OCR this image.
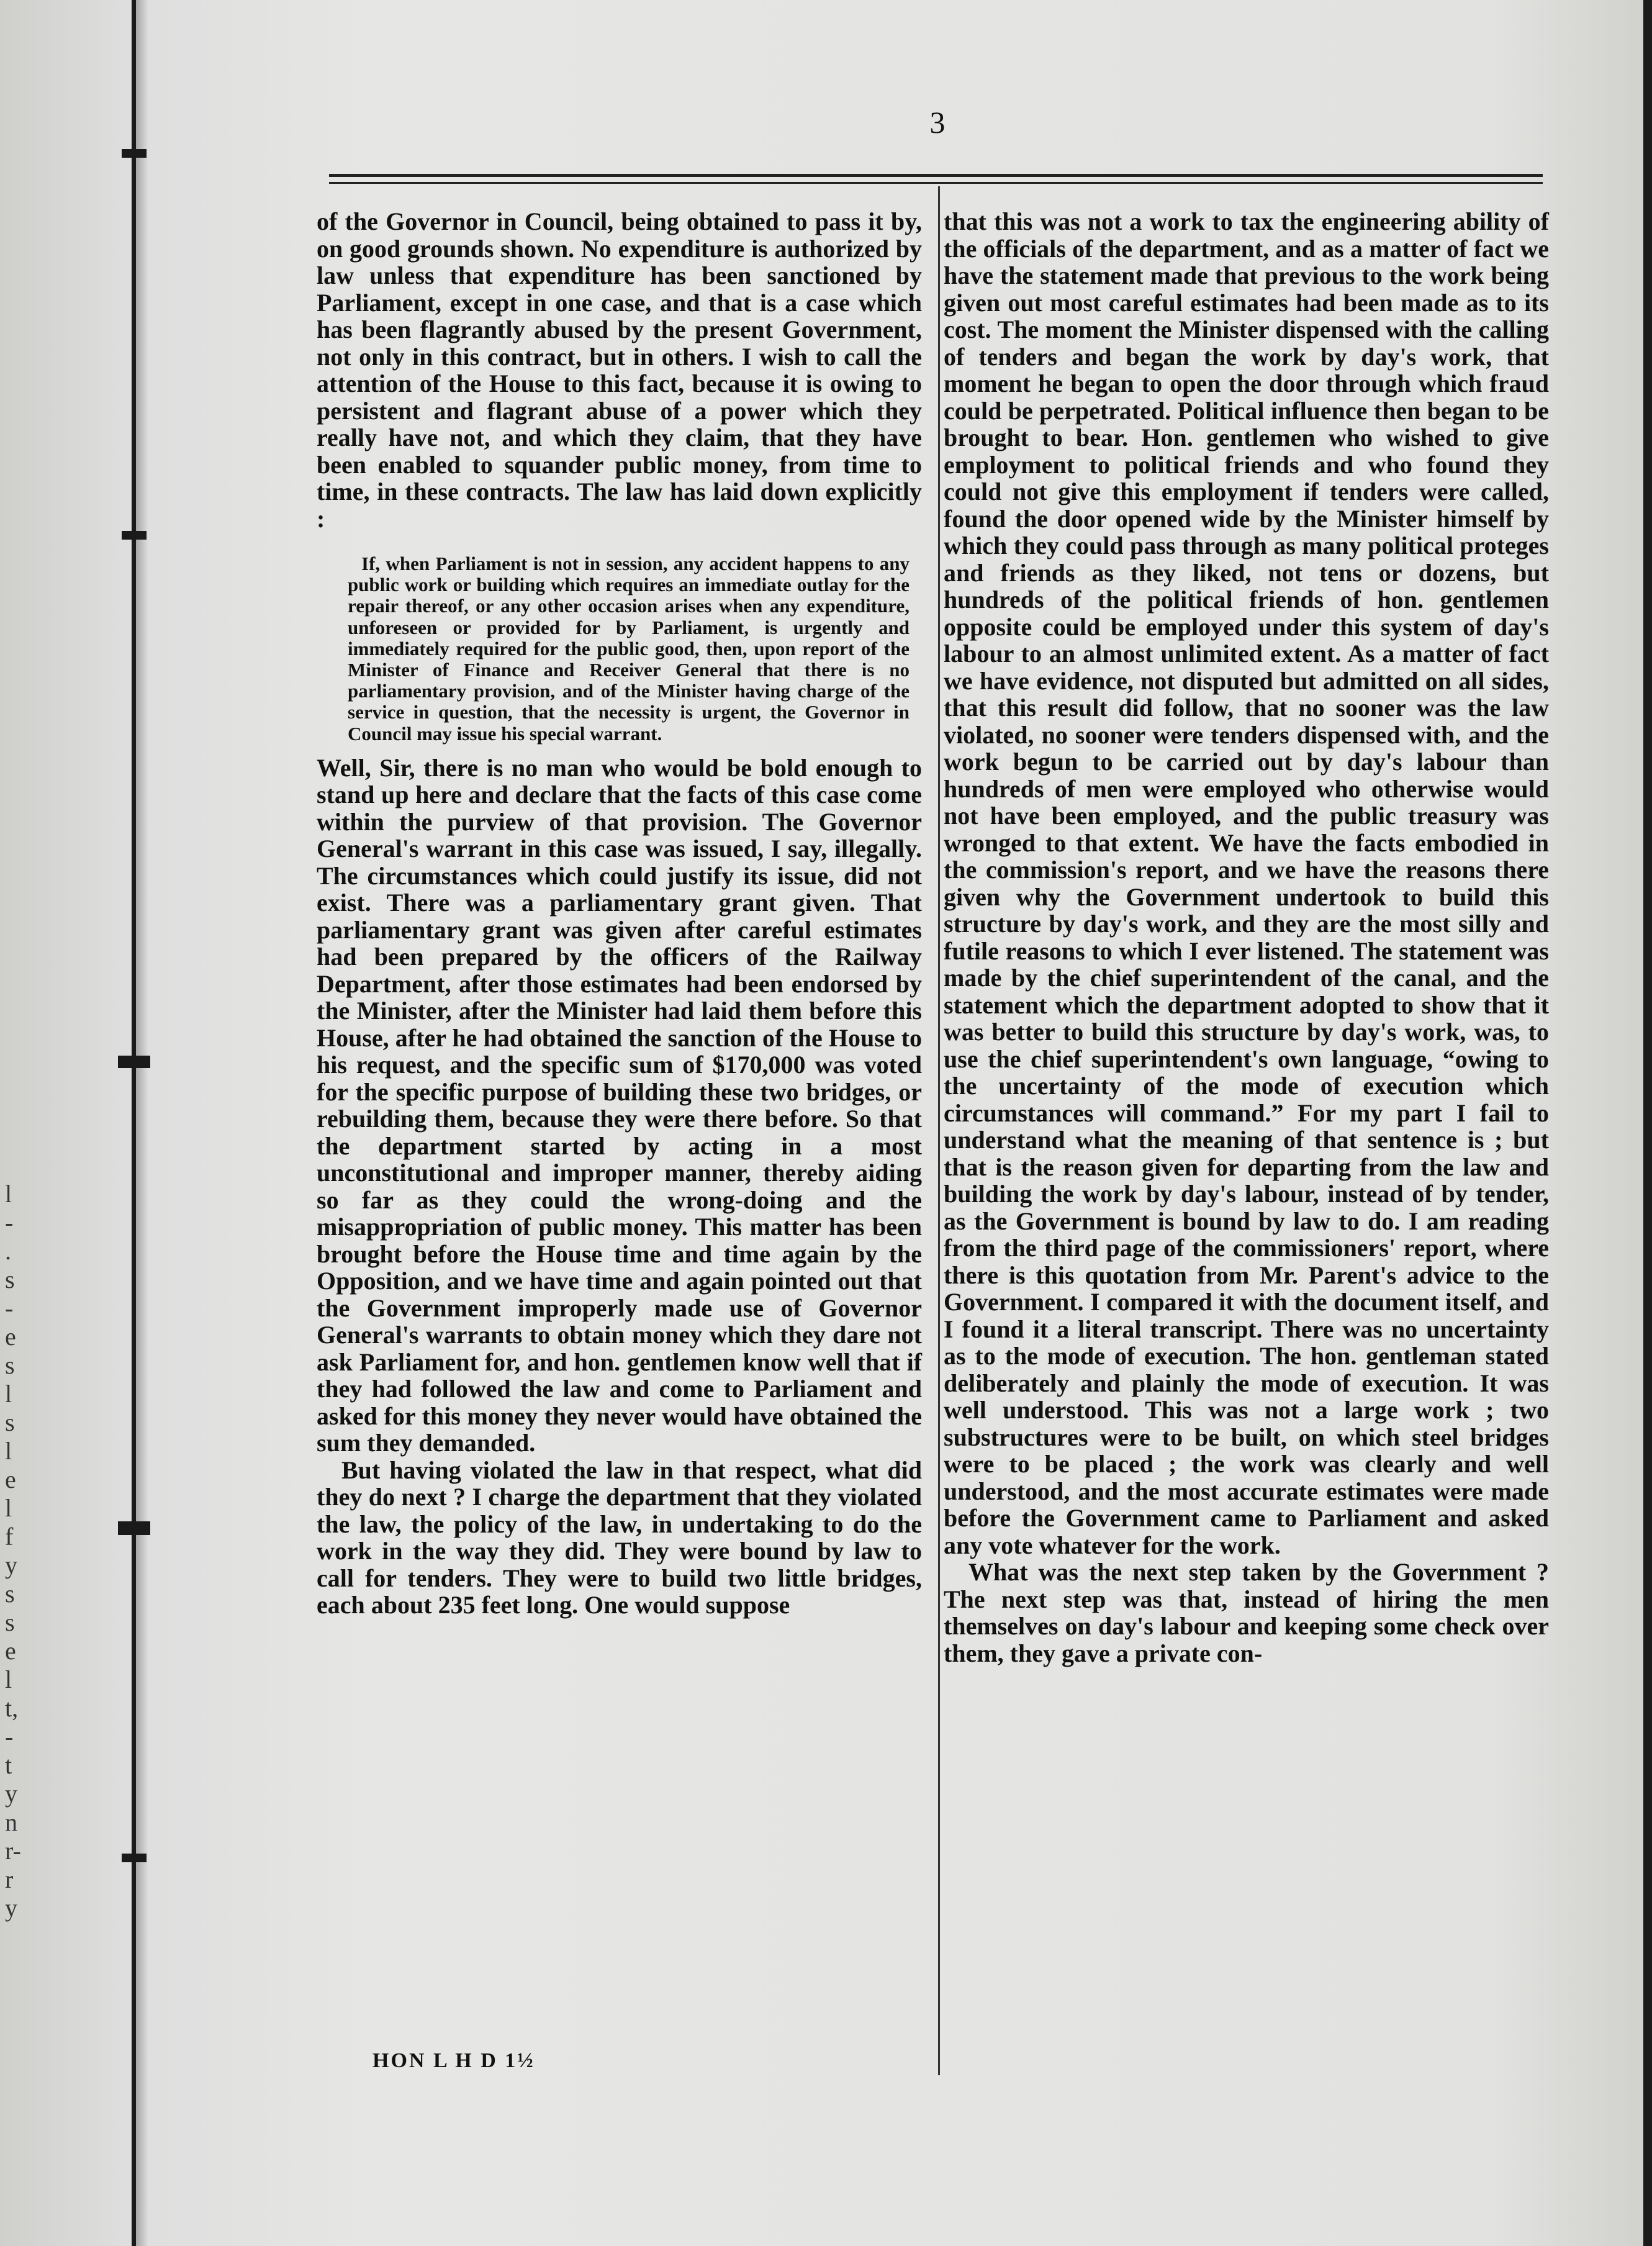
l
-
.
s
-
e
s
l
s
l
e
l
f
y
s
s
e
l
t,
-
t
y
n
r-
r
y
3

of the Governor in Council, being obtained to pass it by, on good grounds shown. No expenditure is authorized by law unless that expenditure has been sanctioned by Parliament, except in one case, and that is a case which has been flagrantly abused by the present Government, not only in this contract, but in others. I wish to call the attention of the House to this fact, because it is owing to persistent and flagrant abuse of a power which they really have not, and which they claim, that they have been enabled to squander public money, from time to time, in these contracts. The law has laid down explicitly :

If, when Parliament is not in session, any accident happens to any public work or building which requires an immediate outlay for the repair thereof, or any other occasion arises when any expenditure, unforeseen or provided for by Parliament, is urgently and immediately required for the public good, then, upon report of the Minister of Finance and Receiver General that there is no parliamentary provision, and of the Minister having charge of the service in question, that the necessity is urgent, the Governor in Council may issue his special warrant.

Well, Sir, there is no man who would be bold enough to stand up here and declare that the facts of this case come within the purview of that provision. The Governor General's warrant in this case was issued, I say, illegally. The circumstances which could justify its issue, did not exist. There was a parliamentary grant given. That parliamentary grant was given after careful estimates had been prepared by the officers of the Railway Department, after those estimates had been endorsed by the Minister, after the Minister had laid them before this House, after he had obtained the sanction of the House to his request, and the specific sum of $170,000 was voted for the specific purpose of building these two bridges, or rebuilding them, because they were there before. So that the department started by acting in a most unconstitutional and improper manner, thereby aiding so far as they could the wrong-doing and the misappropriation of public money. This matter has been brought before the House time and time again by the Opposition, and we have time and again pointed out that the Government improperly made use of Governor General's warrants to obtain money which they dare not ask Parliament for, and hon. gentlemen know well that if they had followed the law and come to Parliament and asked for this money they never would have obtained the sum they demanded.

But having violated the law in that respect, what did they do next ? I charge the department that they violated the law, the policy of the law, in undertaking to do the work in the way they did. They were bound by law to call for tenders. They were to build two little bridges, each about 235 feet long. One would suppose

that this was not a work to tax the engineering ability of the officials of the department, and as a matter of fact we have the statement made that previous to the work being given out most careful estimates had been made as to its cost. The moment the Minister dispensed with the calling of tenders and began the work by day's work, that moment he began to open the door through which fraud could be perpetrated. Political influence then began to be brought to bear. Hon. gentlemen who wished to give employment to political friends and who found they could not give this employment if tenders were called, found the door opened wide by the Minister himself by which they could pass through as many political proteges and friends as they liked, not tens or dozens, but hundreds of the political friends of hon. gentlemen opposite could be employed under this system of day's labour to an almost unlimited extent. As a matter of fact we have evidence, not disputed but admitted on all sides, that this result did follow, that no sooner was the law violated, no sooner were tenders dispensed with, and the work begun to be carried out by day's labour than hundreds of men were employed who otherwise would not have been employed, and the public treasury was wronged to that extent. We have the facts embodied in the commission's report, and we have the reasons there given why the Government undertook to build this structure by day's work, and they are the most silly and futile reasons to which I ever listened. The statement was made by the chief superintendent of the canal, and the statement which the department adopted to show that it was better to build this structure by day's work, was, to use the chief superintendent's own language, “owing to the uncertainty of the mode of execution which circumstances will command.” For my part I fail to understand what the meaning of that sentence is ; but that is the reason given for departing from the law and building the work by day's labour, instead of by tender, as the Government is bound by law to do. I am reading from the third page of the commissioners' report, where there is this quotation from Mr. Parent's advice to the Government. I compared it with the document itself, and I found it a literal transcript. There was no uncertainty as to the mode of execution. The hon. gentleman stated deliberately and plainly the mode of execution. It was well understood. This was not a large work ; two substructures were to be built, on which steel bridges were to be placed ; the work was clearly and well understood, and the most accurate estimates were made before the Government came to Parliament and asked any vote whatever for the work.

What was the next step taken by the Government ? The next step was that, instead of hiring the men themselves on day's labour and keeping some check over them, they gave a private con-

HON L H D 1½
